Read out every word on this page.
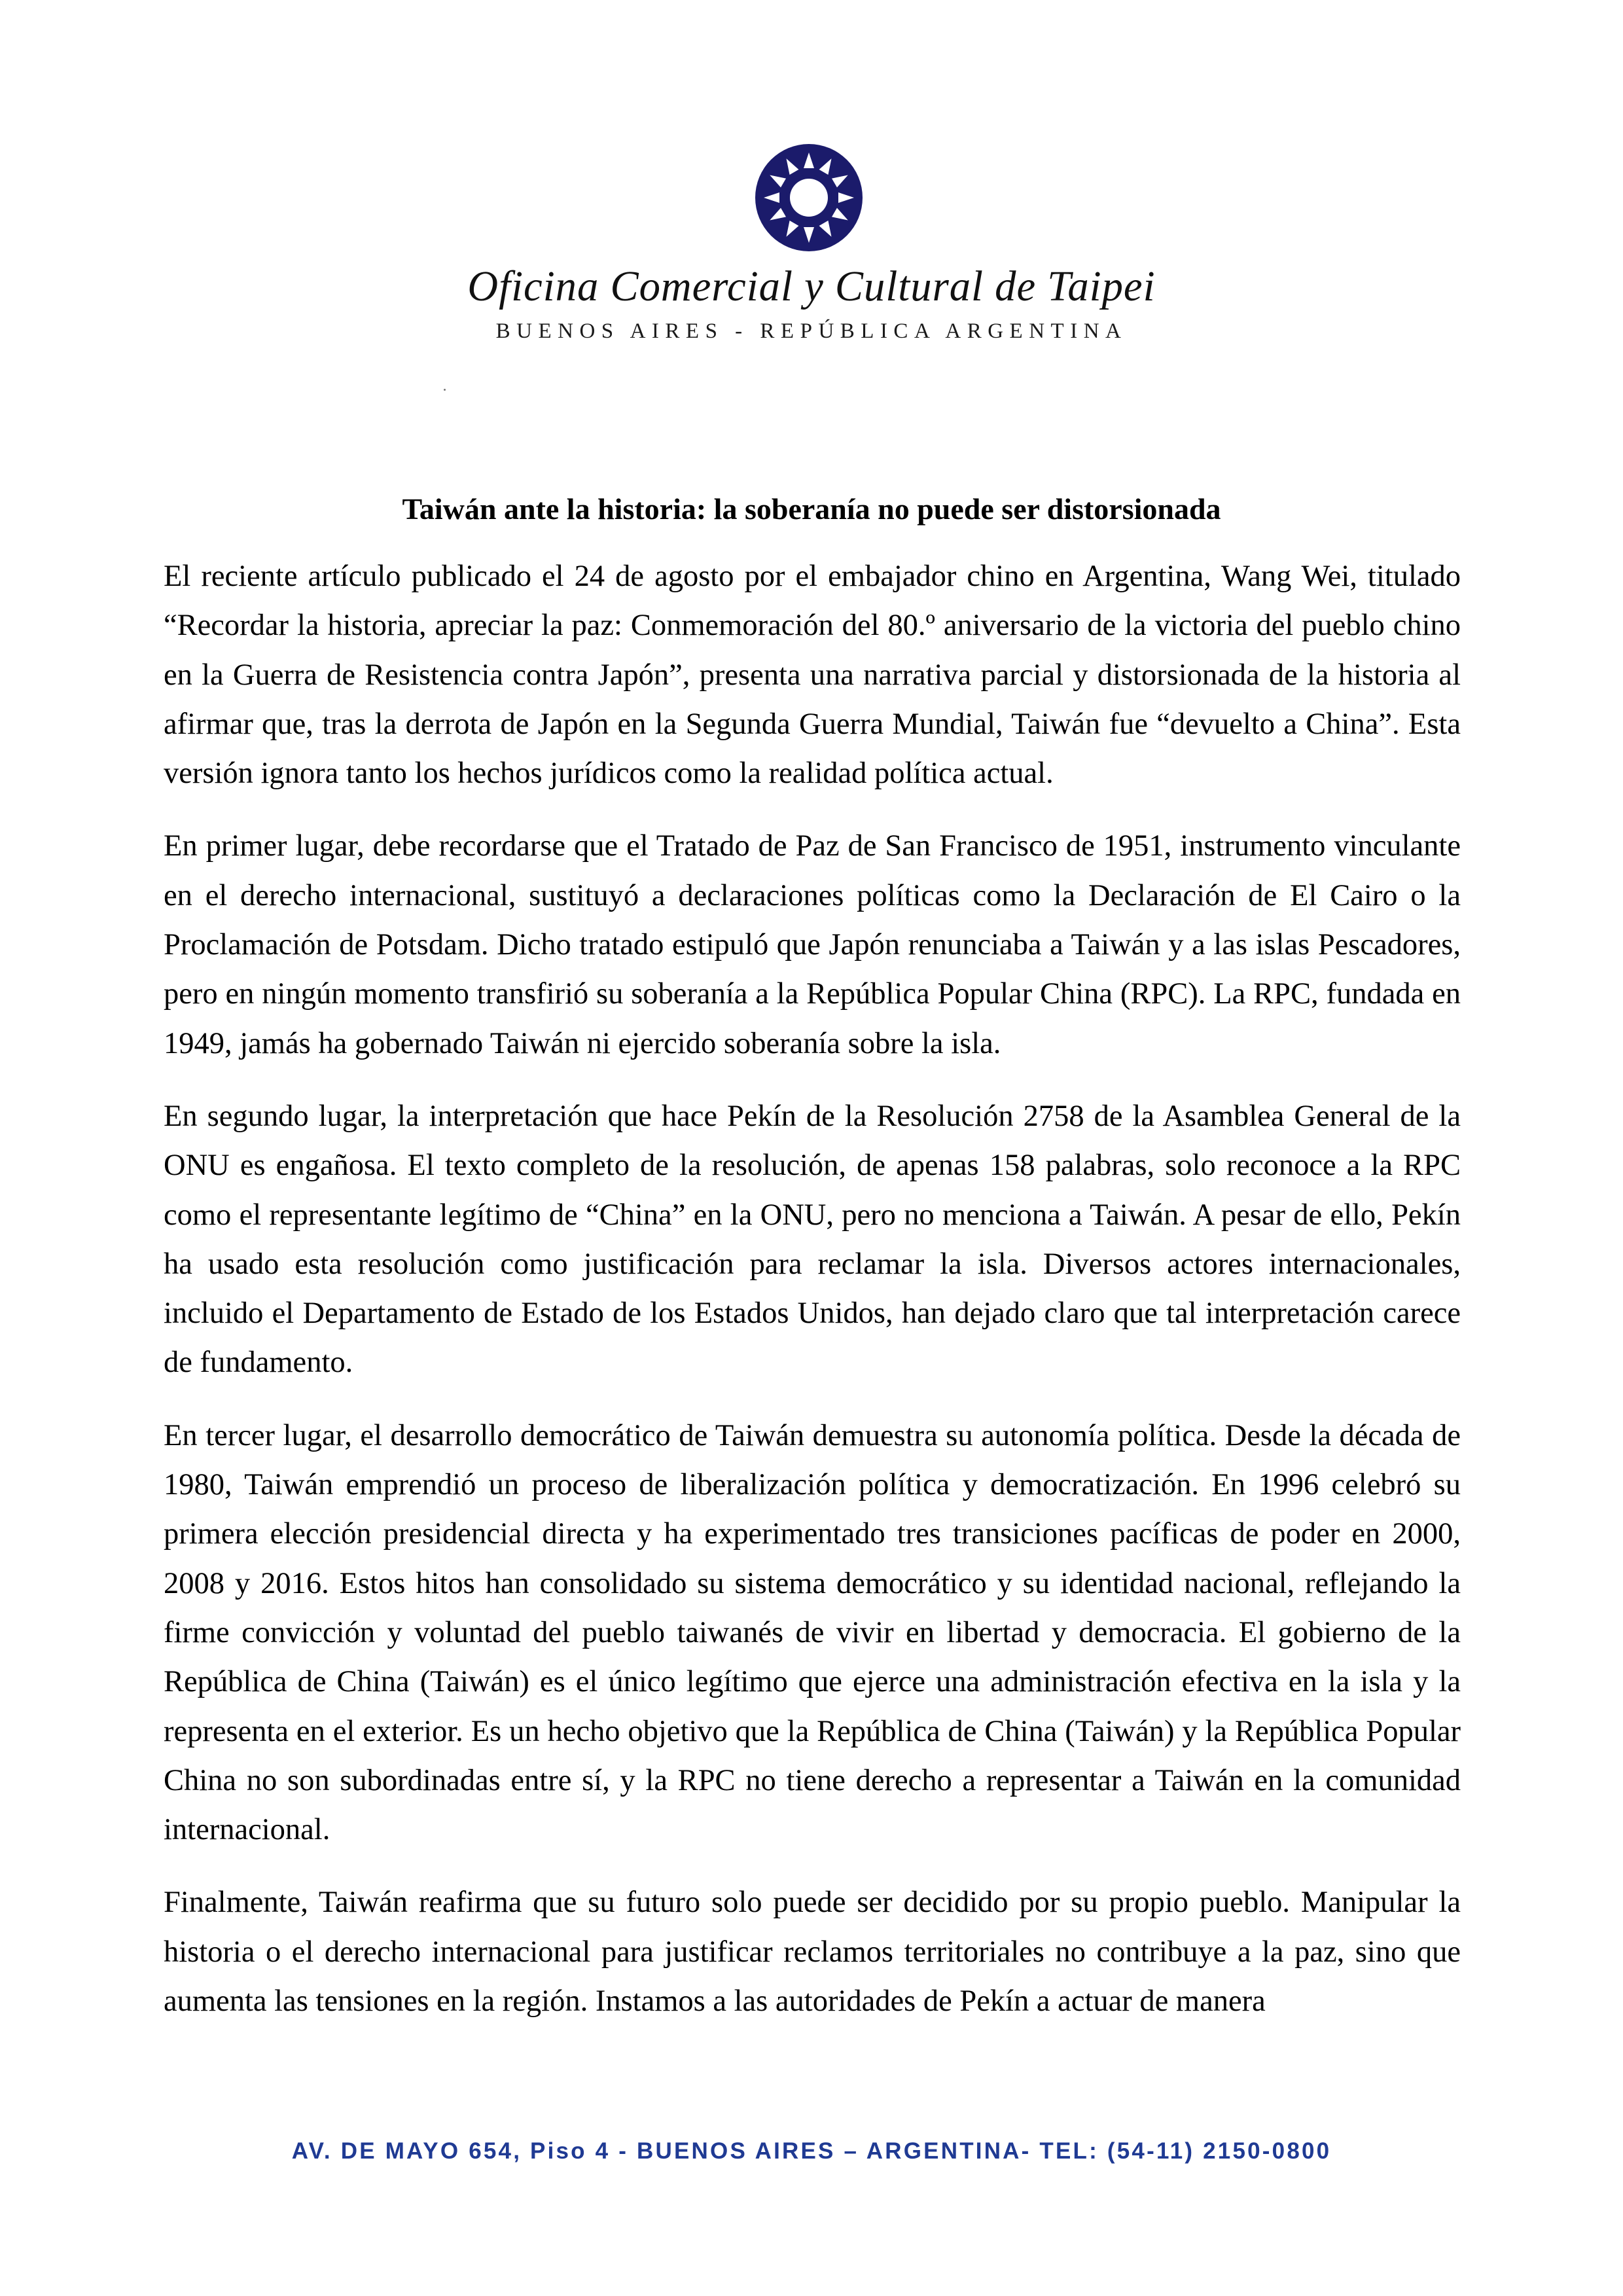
Oficina Comercial y Cultural de Taipei
BUENOS AIRES - REPÚBLICA ARGENTINA
Taiwán ante la historia: la soberanía no puede ser distorsionada

El reciente artículo publicado el 24 de agosto por el embajador chino en Argentina, Wang Wei, titulado “Recordar la historia, apreciar la paz: Conmemoración del 80.º aniversario de la victoria del pueblo chino en la Guerra de Resistencia contra Japón”, presenta una narrativa parcial y distorsionada de la historia al afirmar que, tras la derrota de Japón en la Segunda Guerra Mundial, Taiwán fue “devuelto a China”. Esta versión ignora tanto los hechos jurídicos como la realidad política actual.

En primer lugar, debe recordarse que el Tratado de Paz de San Francisco de 1951, instrumento vinculante en el derecho internacional, sustituyó a declaraciones políticas como la Declaración de El Cairo o la Proclamación de Potsdam. Dicho tratado estipuló que Japón renunciaba a Taiwán y a las islas Pescadores, pero en ningún momento transfirió su soberanía a la República Popular China (RPC). La RPC, fundada en 1949, jamás ha gobernado Taiwán ni ejercido soberanía sobre la isla.

En segundo lugar, la interpretación que hace Pekín de la Resolución 2758 de la Asamblea General de la ONU es engañosa. El texto completo de la resolución, de apenas 158 palabras, solo reconoce a la RPC como el representante legítimo de “China” en la ONU, pero no menciona a Taiwán. A pesar de ello, Pekín ha usado esta resolución como justificación para reclamar la isla. Diversos actores internacionales, incluido el Departamento de Estado de los Estados Unidos, han dejado claro que tal interpretación carece de fundamento.

En tercer lugar, el desarrollo democrático de Taiwán demuestra su autonomía política. Desde la década de 1980, Taiwán emprendió un proceso de liberalización política y democratización. En 1996 celebró su primera elección presidencial directa y ha experimentado tres transiciones pacíficas de poder en 2000, 2008 y 2016. Estos hitos han consolidado su sistema democrático y su identidad nacional, reflejando la firme convicción y voluntad del pueblo taiwanés de vivir en libertad y democracia. El gobierno de la República de China (Taiwán) es el único legítimo que ejerce una administración efectiva en la isla y la representa en el exterior. Es un hecho objetivo que la República de China (Taiwán) y la República Popular China no son subordinadas entre sí, y la RPC no tiene derecho a representar a Taiwán en la comunidad internacional.

Finalmente, Taiwán reafirma que su futuro solo puede ser decidido por su propio pueblo. Manipular la historia o el derecho internacional para justificar reclamos territoriales no contribuye a la paz, sino que aumenta las tensiones en la región. Instamos a las autoridades de Pekín a actuar de manera

AV. DE MAYO 654, Piso 4 - BUENOS AIRES – ARGENTINA- TEL: (54-11) 2150-0800
